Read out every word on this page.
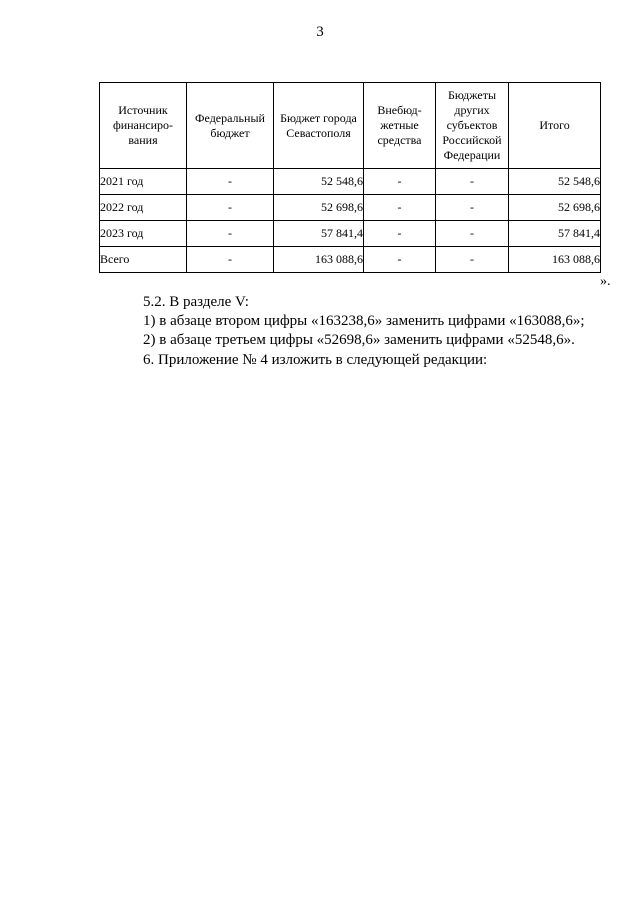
3
Источник финансиро-вания	Федеральный бюджет	Бюджет города Севастополя	Внебюд-жетные средства	Бюджеты других субъектов Российской Федерации	Итого
2021 год	-	52 548,6	-	-	52 548,6
2022 год	-	52 698,6	-	-	52 698,6
2023 год	-	57 841,4	-	-	57 841,4
Всего	-	163 088,6	-	-	163 088,6
».
5.2. В разделе V:
1) в абзаце втором цифры «163238,6» заменить цифрами «163088,6»;
2) в абзаце третьем цифры «52698,6» заменить цифрами «52548,6».
6. Приложение № 4 изложить в следующей редакции:
